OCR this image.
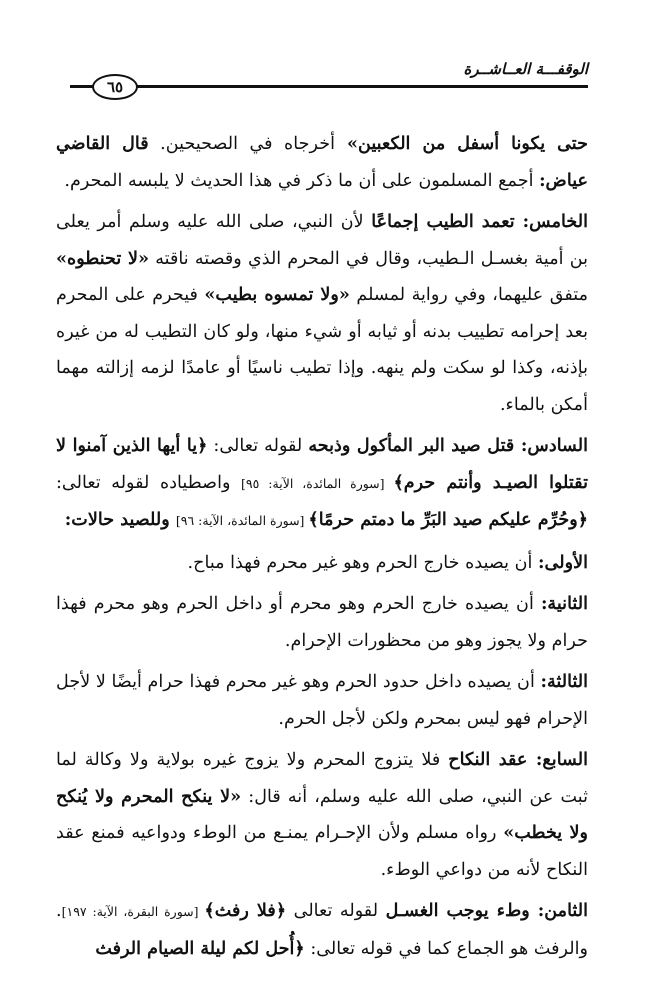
٦٥
الوقفـــة العــاشــرة

حتى يكونا أسفل من الكعبين» أخرجاه في الصحيحين. قال القاضي عياض: أجمع المسلمون على أن ما ذكر في هذا الحديث لا يلبسه المحرم.

الخامس: تعمد الطيب إجماعًا لأن النبي، صلى الله عليه وسلم أمر يعلى بن أمية بغسـل الـطيب، وقال في المحرم الذي وقصته ناقته «لا تحنطوه» متفق عليهما، وفي رواية لمسلم «ولا تمسوه بطيب» فيحرم على المحرم بعد إحرامه تطييب بدنه أو ثيابه أو شيء منها، ولو كان التطيب له من غيره بإذنه، وكذا لو سكت ولم ينهه. وإذا تطيب ناسيًا أو عامدًا لزمه إزالته مهما أمكن بالماء.

السادس: قتل صيد البر المأكول وذبحه لقوله تعالى: ﴿يا أيها الذين آمنوا لا تقتلوا الصيـد وأنتم حرم﴾ [سورة المائدة، الآية: ٩٥] واصطياده لقوله تعالى: ﴿وحُرِّم عليكم صيد البَرِّ ما دمتم حرمًا﴾ [سورة المائدة، الآية: ٩٦] وللصيد حالات:

الأولى: أن يصيده خارج الحرم وهو غير محرم فهذا مباح.

الثانية: أن يصيده خارج الحرم وهو محرم أو داخل الحرم وهو محرم فهذا حرام ولا يجوز وهو من محظورات الإحرام.

الثالثة: أن يصيده داخل حدود الحرم وهو غير محرم فهذا حرام أيضًا لا لأجل الإحرام فهو ليس بمحرم ولكن لأجل الحرم.

السابع: عقد النكاح فلا يتزوج المحرم ولا يزوج غيره بولاية ولا وكالة لما ثبت عن النبي، صلى الله عليه وسلم، أنه قال: «لا ينكح المحرم ولا يُنكح ولا يخطب» رواه مسلم ولأن الإحـرام يمنـع من الوطء ودواعيه فمنع عقد النكاح لأنه من دواعي الوطء.

الثامن: وطء يوجب الغسـل لقوله تعالى ﴿فلا رفث﴾ [سورة البقرة، الآية: ١٩٧]. والرفث هو الجماع كما في قوله تعالى: ﴿أُحل لكم ليلة الصيام الرفث
